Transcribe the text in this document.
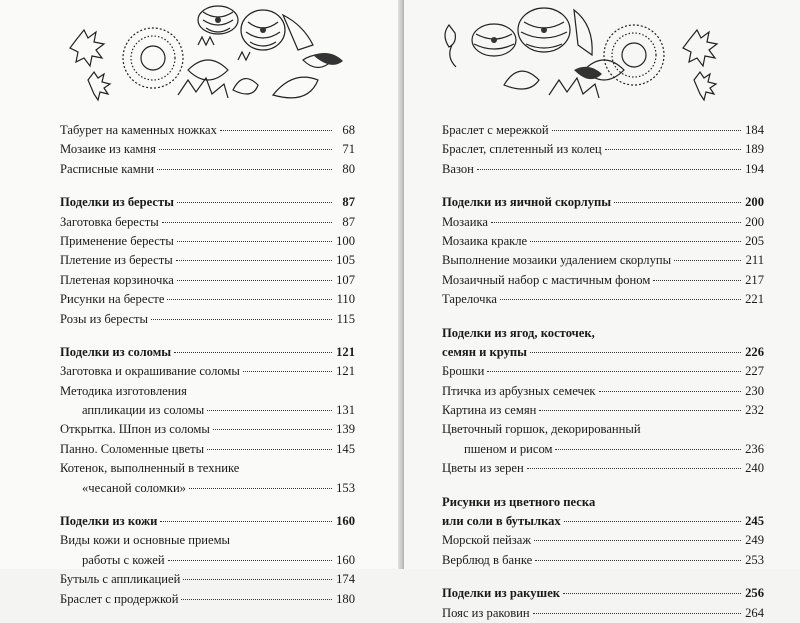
Табурет на каменных ножках	68
Мозаике из камня	71
Расписные камни	80
Поделки из бересты	87
Заготовка бересты	87
Применение бересты	100
Плетение из бересты	105
Плетеная корзиночка	107
Рисунки на бересте	110
Розы из бересты	115
Поделки из соломы	121
Заготовка и окрашивание соломы	121
Методика изготовления
аппликации из соломы	131
Открытка. Шпон из соломы	139
Панно. Соломенные цветы	145
Котенок, выполненный в технике
«чесаной соломки»	153
Поделки из кожи	160
Виды кожи и основные приемы
работы с кожей	160
Бутыль с аппликацией	174
Браслет с продержкой	180
Браслет с мережкой	184
Браслет, сплетенный из колец	189
Вазон	194
Поделки из яичной скорлупы	200
Мозаика	200
Мозаика кракле	205
Выполнение мозаики удалением скорлупы	211
Мозаичный набор с мастичным фоном	217
Тарелочка	221
Поделки из ягод, косточек,
семян и крупы	226
Брошки	227
Птичка из арбузных семечек	230
Картина из семян	232
Цветочный горшок, декорированный
пшеном и рисом	236
Цветы из зерен	240
Рисунки из цветного песка
или соли в бутылках	245
Морской пейзаж	249
Верблюд в банке	253
Поделки из ракушек	256
Пояс из раковин	264
